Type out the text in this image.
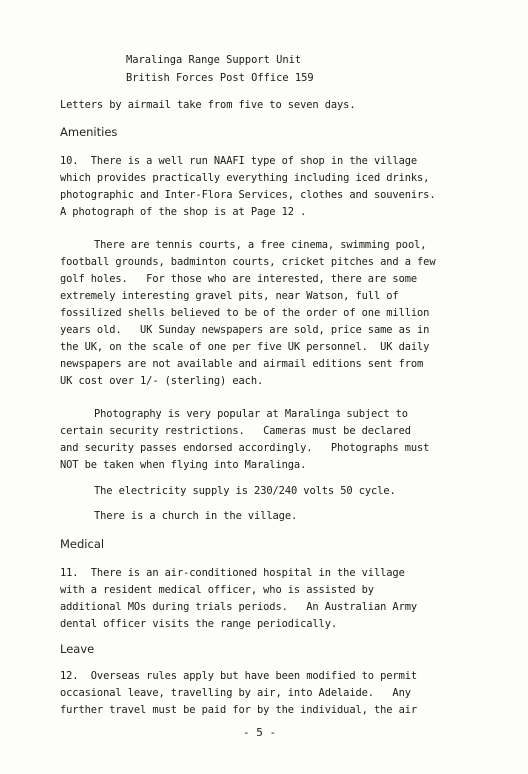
Maralinga Range Support Unit
British Forces Post Office 159
Letters by airmail take from five to seven days.
Amenities
10.  There is a well run NAAFI type of shop in the village
which provides practically everything including iced drinks,
photographic and Inter-Flora Services, clothes and souvenirs.
A photograph of the shop is at Page 12 .
There are tennis courts, a free cinema, swimming pool,
football grounds, badminton courts, cricket pitches and a few
golf holes.   For those who are interested, there are some
extremely interesting gravel pits, near Watson, full of
fossilized shells believed to be of the order of one million
years old.   UK Sunday newspapers are sold, price same as in
the UK, on the scale of one per five UK personnel.  UK daily
newspapers are not available and airmail editions sent from
UK cost over 1/- (sterling) each.
Photography is very popular at Maralinga subject to
certain security restrictions.   Cameras must be declared
and security passes endorsed accordingly.   Photographs must
NOT be taken when flying into Maralinga.
The electricity supply is 230/240 volts 50 cycle.
There is a church in the village.
Medical
11.  There is an air-conditioned hospital in the village
with a resident medical officer, who is assisted by
additional MOs during trials periods.   An Australian Army
dental officer visits the range periodically.
Leave
12.  Overseas rules apply but have been modified to permit
occasional leave, travelling by air, into Adelaide.   Any
further travel must be paid for by the individual, the air
- 5 -
